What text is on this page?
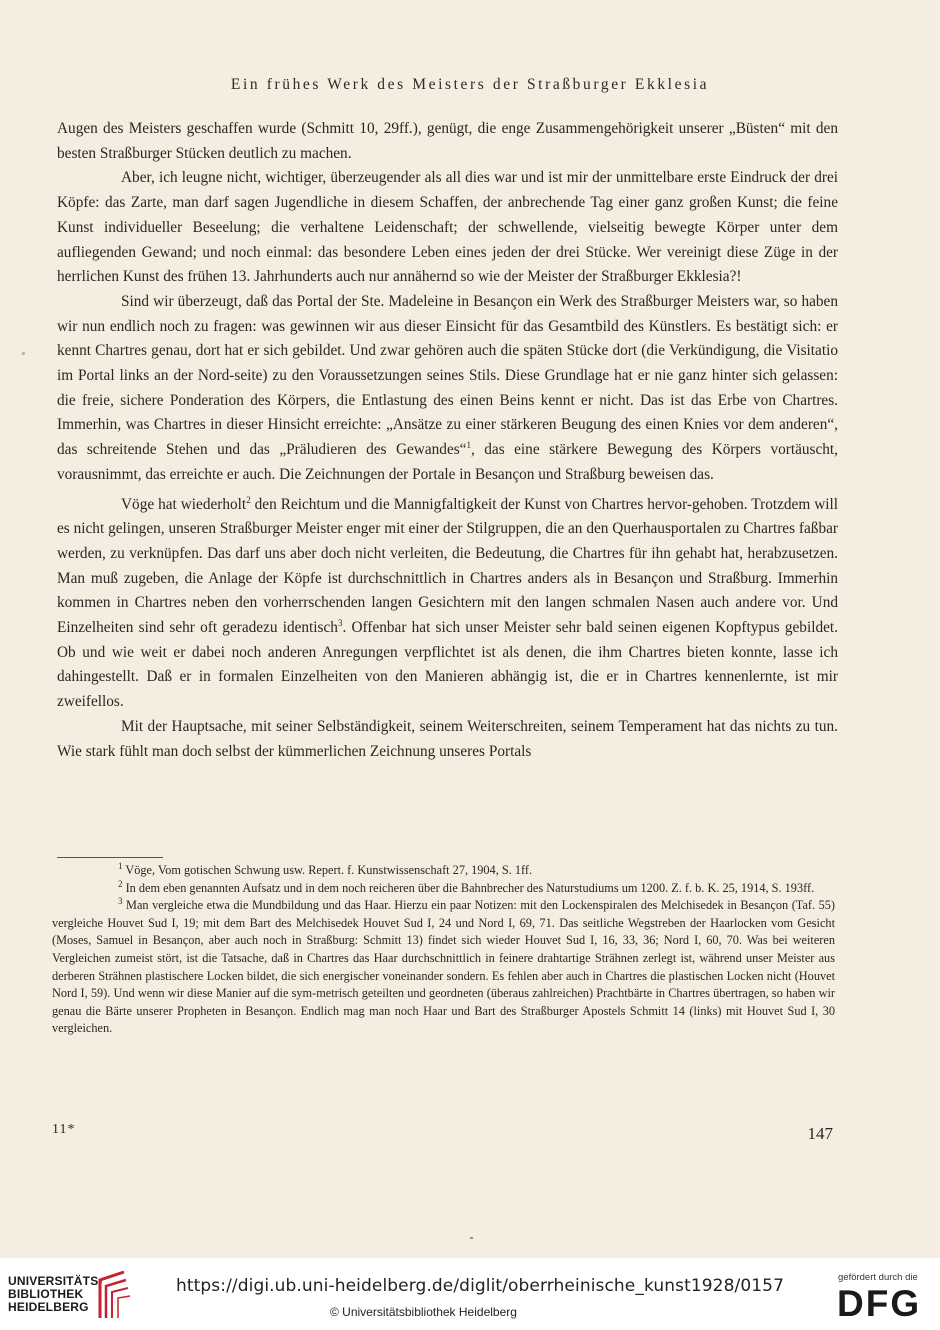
Ein frühes Werk des Meisters der Straßburger Ekklesia

Augen des Meisters geschaffen wurde (Schmitt 10, 29ff.), genügt, die enge Zusammengehörigkeit unserer „Büsten“ mit den besten Straßburger Stücken deutlich zu machen.

Aber, ich leugne nicht, wichtiger, überzeugender als all dies war und ist mir der unmittelbare erste Eindruck der drei Köpfe: das Zarte, man darf sagen Jugendliche in diesem Schaffen, der anbrechende Tag einer ganz großen Kunst; die feine Kunst individueller Beseelung; die verhaltene Leidenschaft; der schwellende, vielseitig bewegte Körper unter dem aufliegenden Gewand; und noch einmal: das besondere Leben eines jeden der drei Stücke. Wer vereinigt diese Züge in der herrlichen Kunst des frühen 13. Jahrhunderts auch nur annähernd so wie der Meister der Straßburger Ekklesia?!

Sind wir überzeugt, daß das Portal der Ste. Madeleine in Besançon ein Werk des Straßburger Meisters war, so haben wir nun endlich noch zu fragen: was gewinnen wir aus dieser Einsicht für das Gesamtbild des Künstlers. Es bestätigt sich: er kennt Chartres genau, dort hat er sich gebildet. Und zwar gehören auch die späten Stücke dort (die Verkündigung, die Visitatio im Portal links an der Nord-seite) zu den Voraussetzungen seines Stils. Diese Grundlage hat er nie ganz hinter sich gelassen: die freie, sichere Ponderation des Körpers, die Entlastung des einen Beins kennt er nicht. Das ist das Erbe von Chartres. Immerhin, was Chartres in dieser Hinsicht erreichte: „Ansätze zu einer stärkeren Beugung des einen Knies vor dem anderen“, das schreitende Stehen und das „Präludieren des Gewandes“$^1$, das eine stärkere Bewegung des Körpers vortäuscht, vorausnimmt, das erreichte er auch. Die Zeichnungen der Portale in Besançon und Straßburg beweisen das.

Vöge hat wiederholt$^2$ den Reichtum und die Mannigfaltigkeit der Kunst von Chartres hervor-gehoben. Trotzdem will es nicht gelingen, unseren Straßburger Meister enger mit einer der Stilgruppen, die an den Querhausportalen zu Chartres faßbar werden, zu verknüpfen. Das darf uns aber doch nicht verleiten, die Bedeutung, die Chartres für ihn gehabt hat, herabzusetzen. Man muß zugeben, die Anlage der Köpfe ist durchschnittlich in Chartres anders als in Besançon und Straßburg. Immerhin kommen in Chartres neben den vorherrschenden langen Gesichtern mit den langen schmalen Nasen auch andere vor. Und Einzelheiten sind sehr oft geradezu identisch$^3$. Offenbar hat sich unser Meister sehr bald seinen eigenen Kopftypus gebildet. Ob und wie weit er dabei noch anderen Anregungen verpflichtet ist als denen, die ihm Chartres bieten konnte, lasse ich dahingestellt. Daß er in formalen Einzelheiten von den Manieren abhängig ist, die er in Chartres kennenlernte, ist mir zweifellos.

Mit der Hauptsache, mit seiner Selbständigkeit, seinem Weiterschreiten, seinem Temperament hat das nichts zu tun. Wie stark fühlt man doch selbst der kümmerlichen Zeichnung unseres Portals

$^1$ Vöge, Vom gotischen Schwung usw. Repert. f. Kunstwissenschaft 27, 1904, S. 1ff.

$^2$ In dem eben genannten Aufsatz und in dem noch reicheren über die Bahnbrecher des Naturstudiums um 1200. Z. f. b. K. 25, 1914, S. 193ff.

$^3$ Man vergleiche etwa die Mundbildung und das Haar. Hierzu ein paar Notizen: mit den Lockenspiralen des Melchisedek in Besançon (Taf. 55) vergleiche Houvet Sud I, 19; mit dem Bart des Melchisedek Houvet Sud I, 24 und Nord I, 69, 71. Das seitliche Wegstreben der Haarlocken vom Gesicht (Moses, Samuel in Besançon, aber auch noch in Straßburg: Schmitt 13) findet sich wieder Houvet Sud I, 16, 33, 36; Nord I, 60, 70. Was bei weiteren Vergleichen zumeist stört, ist die Tatsache, daß in Chartres das Haar durchschnittlich in feinere drahtartige Strähnen zerlegt ist, während unser Meister aus derberen Strähnen plastischere Locken bildet, die sich energischer voneinander sondern. Es fehlen aber auch in Chartres die plastischen Locken nicht (Houvet Nord I, 59). Und wenn wir diese Manier auf die sym-metrisch geteilten und geordneten (überaus zahlreichen) Prachtbärte in Chartres übertragen, so haben wir genau die Bärte unserer Propheten in Besançon. Endlich mag man noch Haar und Bart des Straßburger Apostels Schmitt 14 (links) mit Houvet Sud I, 30 vergleichen.

11*	147
UNIVERSITÄTS-
BIBLIOTHEK
HEIDELBERG
https://digi.ub.uni-heidelberg.de/diglit/oberrheinische_kunst1928/0157
© Universitätsbibliothek Heidelberg
gefördert durch die
DFG
